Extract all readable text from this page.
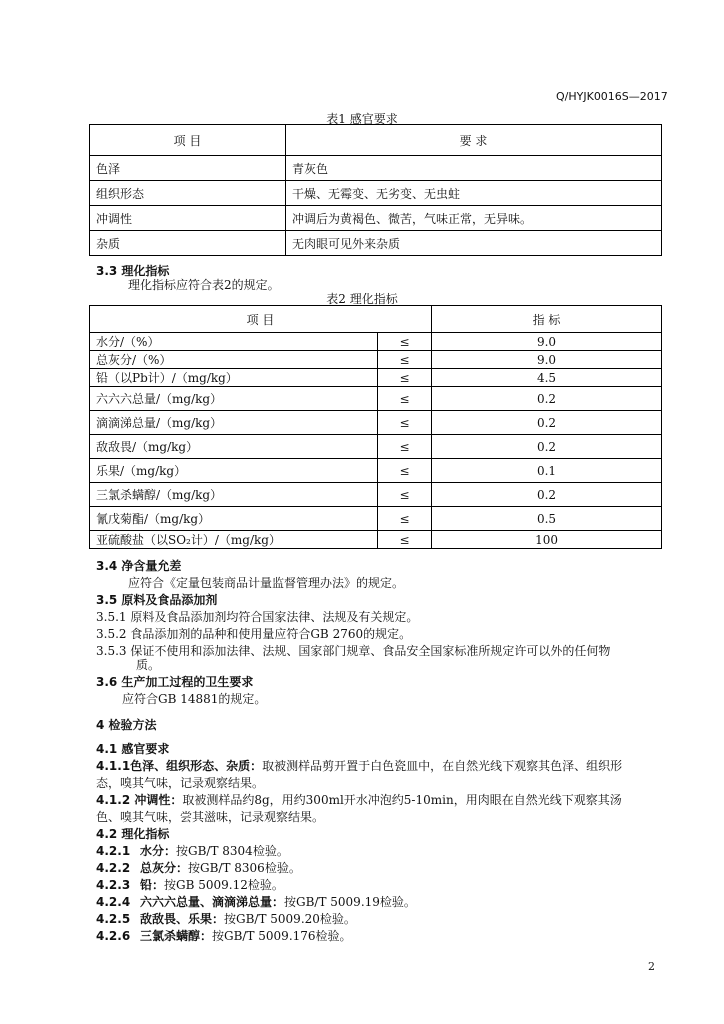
Q/HYJK0016S—2017
表1 感官要求
项 目	要 求
色泽	青灰色
组织形态	干燥、无霉变、无劣变、无虫蛀
冲调性	冲调后为黄褐色、微苦，气味正常，无异味。
杂质	无肉眼可见外来杂质
3.3 理化指标
理化指标应符合表2的规定。
表2 理化指标
项 目		指 标
水分/（%）	≤	9.0
总灰分/（%）	≤	9.0
铅（以Pb计）/（mg/kg）	≤	4.5
六六六总量/（mg/kg）	≤	0.2
滴滴涕总量/（mg/kg）	≤	0.2
敌敌畏/（mg/kg）	≤	0.2
乐果/（mg/kg）	≤	0.1
三氯杀螨醇/（mg/kg）	≤	0.2
氰戊菊酯/（mg/kg）	≤	0.5
亚硫酸盐（以SO₂计）/（mg/kg）	≤	100
3.4 净含量允差
应符合《定量包装商品计量监督管理办法》的规定。
3.5 原料及食品添加剂
3.5.1 原料及食品添加剂均符合国家法律、法规及有关规定。
3.5.2 食品添加剂的品种和使用量应符合GB 2760的规定。
3.5.3 保证不使用和添加法律、法规、国家部门规章、食品安全国家标准所规定许可以外的任何物
质。
3.6 生产加工过程的卫生要求
应符合GB 14881的规定。
4 检验方法
4.1 感官要求
4.1.1色泽、组织形态、杂质：取被测样品剪开置于白色瓷皿中，在自然光线下观察其色泽、组织形
态，嗅其气味，记录观察结果。
4.1.2 冲调性：取被测样品约8g，用约300ml开水冲泡约5-10min，用肉眼在自然光线下观察其汤
色、嗅其气味，尝其滋味，记录观察结果。
4.2 理化指标
4.2.1 水分：按GB/T 8304检验。
4.2.2 总灰分：按GB/T 8306检验。
4.2.3 铅：按GB 5009.12检验。
4.2.4 六六六总量、滴滴涕总量：按GB/T 5009.19检验。
4.2.5 敌敌畏、乐果：按GB/T 5009.20检验。
4.2.6 三氯杀螨醇：按GB/T 5009.176检验。
2
